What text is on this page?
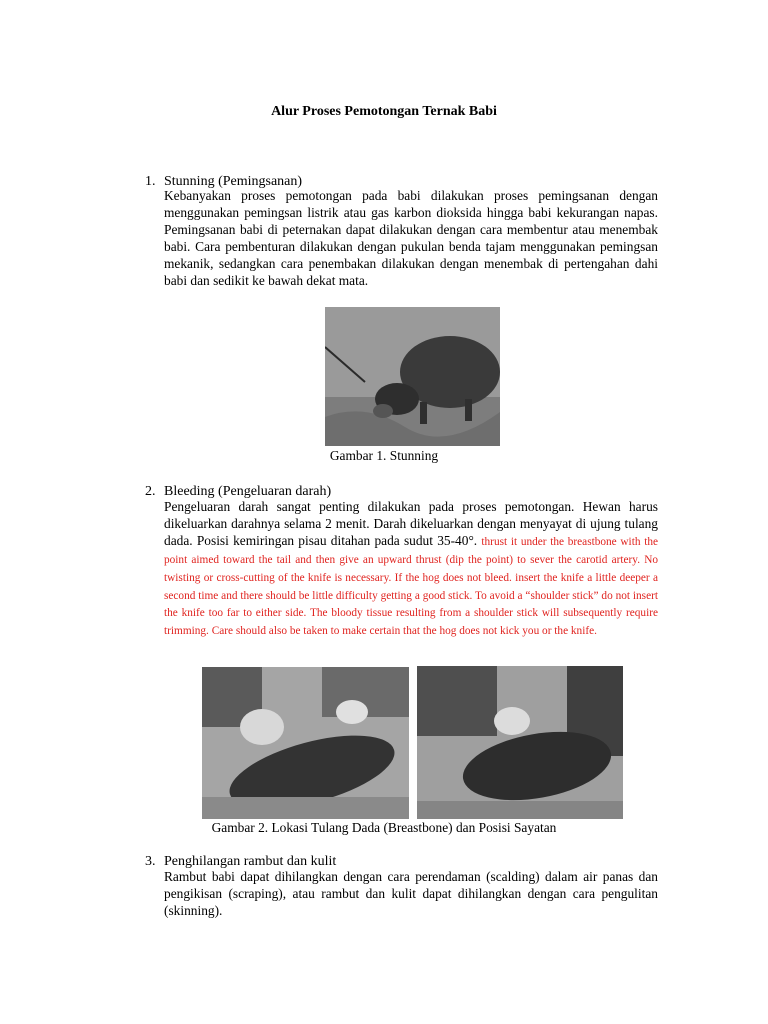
Alur Proses Pemotongan Ternak Babi
1. Stunning (Pemingsanan)
Kebanyakan proses pemotongan pada babi dilakukan proses pemingsanan dengan menggunakan pemingsan listrik atau gas karbon dioksida hingga babi kekurangan napas. Pemingsanan babi di peternakan dapat dilakukan dengan cara membentur atau menembak babi. Cara pembenturan dilakukan dengan pukulan benda tajam menggunakan pemingsan mekanik, sedangkan cara penembakan dilakukan dengan menembak di pertengahan dahi babi dan sedikit ke bawah dekat mata.
Gambar 1. Stunning
2. Bleeding (Pengeluaran darah)
Pengeluaran darah sangat penting dilakukan pada proses pemotongan. Hewan harus dikeluarkan darahnya selama 2 menit. Darah dikeluarkan dengan menyayat di ujung tulang dada. Posisi kemiringan pisau ditahan pada sudut 35-40°. thrust it under the breastbone with the point aimed toward the tail and then give an upward thrust (dip the point) to sever the carotid artery. No twisting or cross-cutting of the knife is necessary. If the hog does not bleed. insert the knife a little deeper a second time and there should be little difficulty getting a good stick. To avoid a “shoulder stick” do not insert the knife too far to either side. The bloody tissue resulting from a shoulder stick will subsequently require trimming. Care should also be taken to make certain that the hog does not kick you or the knife.
Gambar 2. Lokasi Tulang Dada (Breastbone) dan Posisi Sayatan
3. Penghilangan rambut dan kulit
Rambut babi dapat dihilangkan dengan cara perendaman (scalding) dalam air panas dan pengikisan (scraping), atau rambut dan kulit dapat dihilangkan dengan cara pengulitan (skinning).
